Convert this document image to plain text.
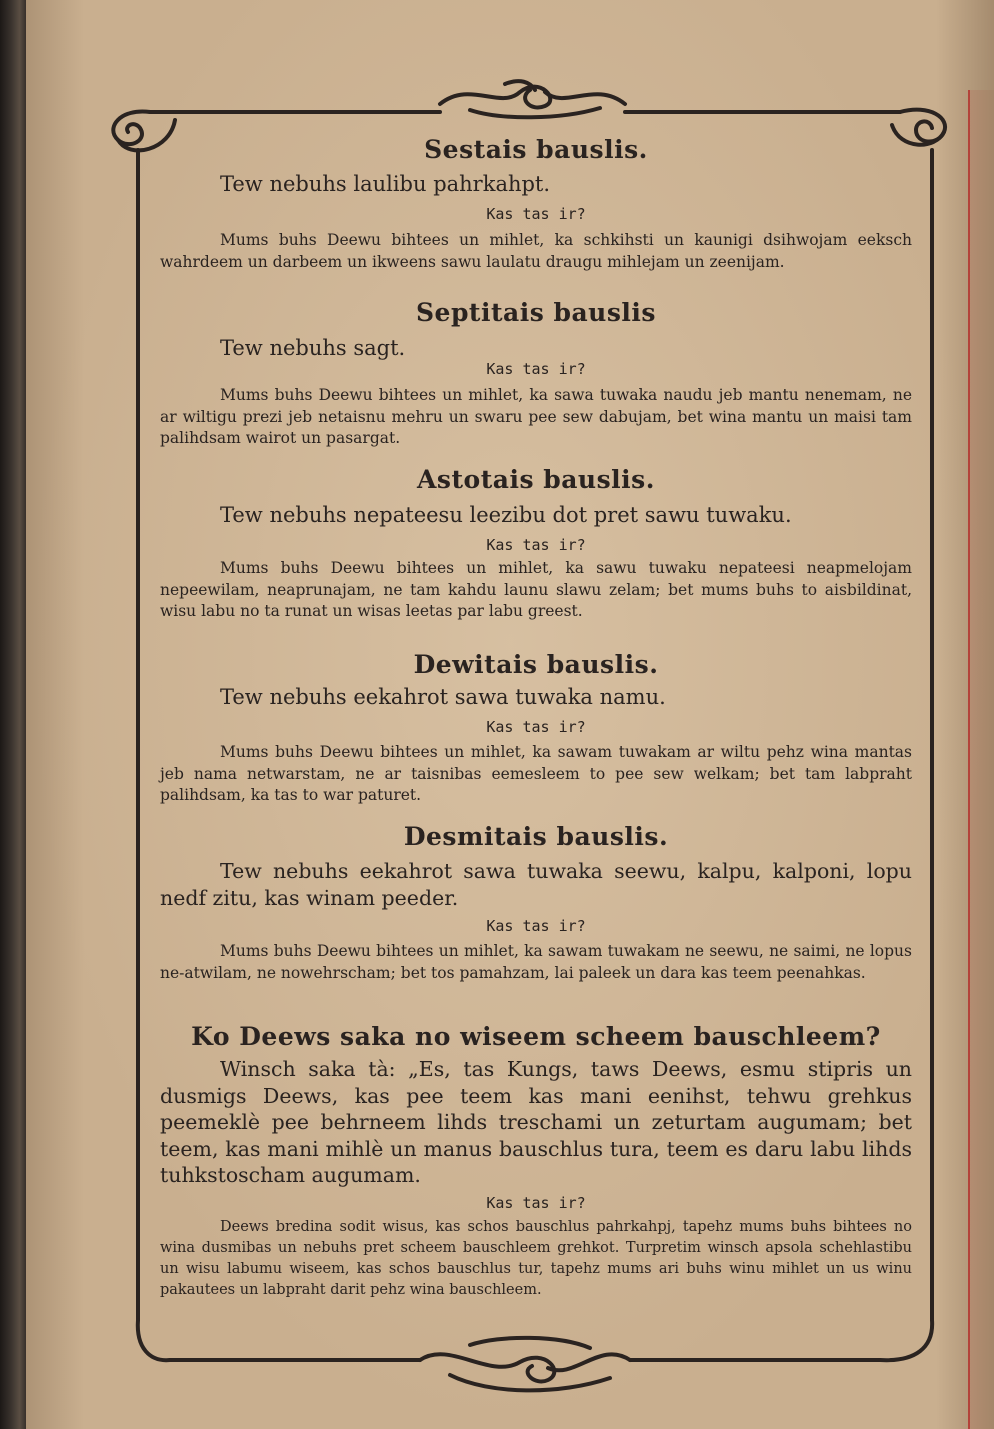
Sestais bauslis.
Tew nebuhs laulibu pahrkahpt.
Kas tas ir?
Mums buhs Deewu bihtees un mihlet, ka schkihsti un kaunigi dsihwojam eeksch wahrdeem un darbeem un ikweens sawu laulatu draugu mihlejam un zeenijam.
Septitais bauslis
Tew nebuhs sagt.
Kas tas ir?
Mums buhs Deewu bihtees un mihlet, ka sawa tuwaka naudu jeb mantu nenemam, ne ar wiltigu prezi jeb netaisnu mehru un swaru pee sew dabujam, bet wina mantu un maisi tam palihdsam wairot un pasargat.
Astotais bauslis.
Tew nebuhs nepateesu leezibu dot pret sawu tuwaku.
Kas tas ir?
Mums buhs Deewu bihtees un mihlet, ka sawu tuwaku nepateesi neapmelojam nepeewilam, neaprunajam, ne tam kahdu launu slawu zelam; bet mums buhs to aisbildinat, wisu labu no ta runat un wisas leetas par labu greest.
Dewitais bauslis.
Tew nebuhs eekahrot sawa tuwaka namu.
Kas tas ir?
Mums buhs Deewu bihtees un mihlet, ka sawam tuwakam ar wiltu pehz wina mantas jeb nama netwarstam, ne ar taisnibas eemesleem to pee sew welkam; bet tam labpraht palihdsam, ka tas to war paturet.
Desmitais bauslis.
Tew nebuhs eekahrot sawa tuwaka seewu, kalpu, kalponi, lopu nedf zitu, kas winam peeder.
Kas tas ir?
Mums buhs Deewu bihtees un mihlet, ka sawam tuwakam ne seewu, ne saimi, ne lopus ne-atwilam, ne nowehrscham; bet tos pamahzam, lai paleek un dara kas teem peenahkas.
Ko Deews saka no wiseem scheem bauschleem?
Winsch saka tà: „Es, tas Kungs, taws Deews, esmu stipris un dusmigs Deews, kas pee teem kas mani eenihst, tehwu grehkus peemeklè pee behrneem lihds treschami un zeturtam augumam; bet teem, kas mani mihlè un manus bauschlus tura, teem es daru labu lihds tuhkstoscham augumam.
Kas tas ir?
Deews bredina sodit wisus, kas schos bauschlus pahrkahpj, tapehz mums buhs bihtees no wina dusmibas un nebuhs pret scheem bauschleem grehkot. Turpretim winsch apsola schehlastibu un wisu labumu wiseem, kas schos bauschlus tur, tapehz mums ari buhs winu mihlet un us winu pakautees un labpraht darit pehz wina bauschleem.
